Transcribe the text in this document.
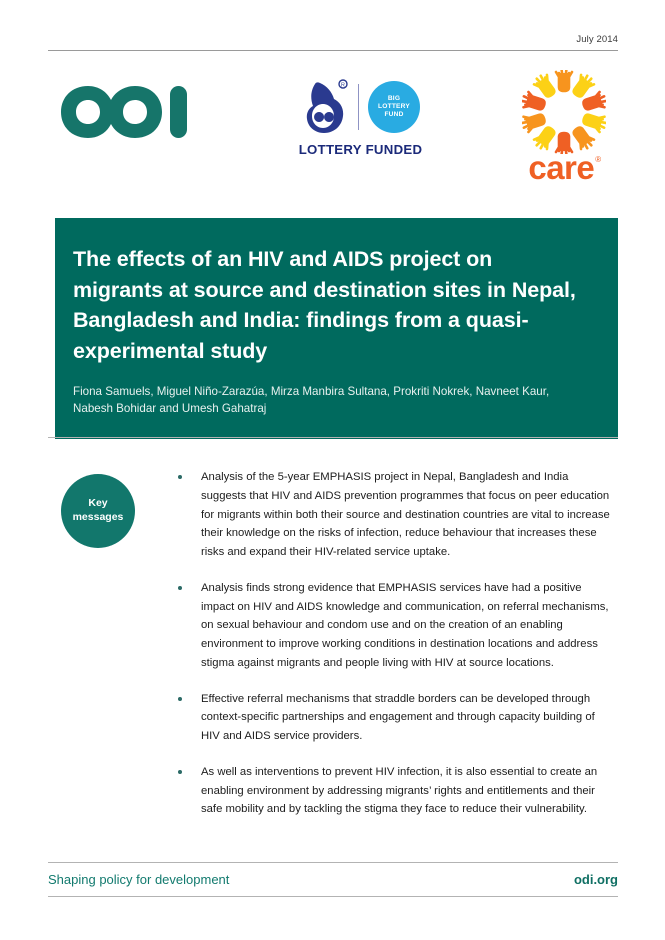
July 2014
R
BIG
LOTTERY
FUND
LOTTERY FUNDED	care®
The effects of an HIV and AIDS project on migrants at source and destination sites in Nepal, Bangladesh and India: findings from a quasi-experimental study
Fiona Samuels, Miguel Niño-Zarazúa, Mirza Manbira Sultana, Prokriti Nokrek, Navneet Kaur, Nabesh Bohidar and Umesh Gahatraj
Key
messages
Analysis of the 5-year EMPHASIS project in Nepal, Bangladesh and India suggests that HIV and AIDS prevention programmes that focus on peer education for migrants within both their source and destination countries are vital to increase their knowledge on the risks of infection, reduce behaviour that increases these risks and expand their HIV-related service uptake.
Analysis finds strong evidence that EMPHASIS services have had a positive impact on HIV and AIDS knowledge and communication, on referral mechanisms, on sexual behaviour and condom use and on the creation of an enabling environment to improve working conditions in destination locations and address stigma against migrants and people living with HIV at source locations.
Effective referral mechanisms that straddle borders can be developed through context-specific partnerships and engagement and through capacity building of HIV and AIDS service providers.
As well as interventions to prevent HIV infection, it is also essential to create an enabling environment by addressing migrants’ rights and entitlements and their safe mobility and by tackling the stigma they face to reduce their vulnerability.
Shaping policy for development	odi.org
